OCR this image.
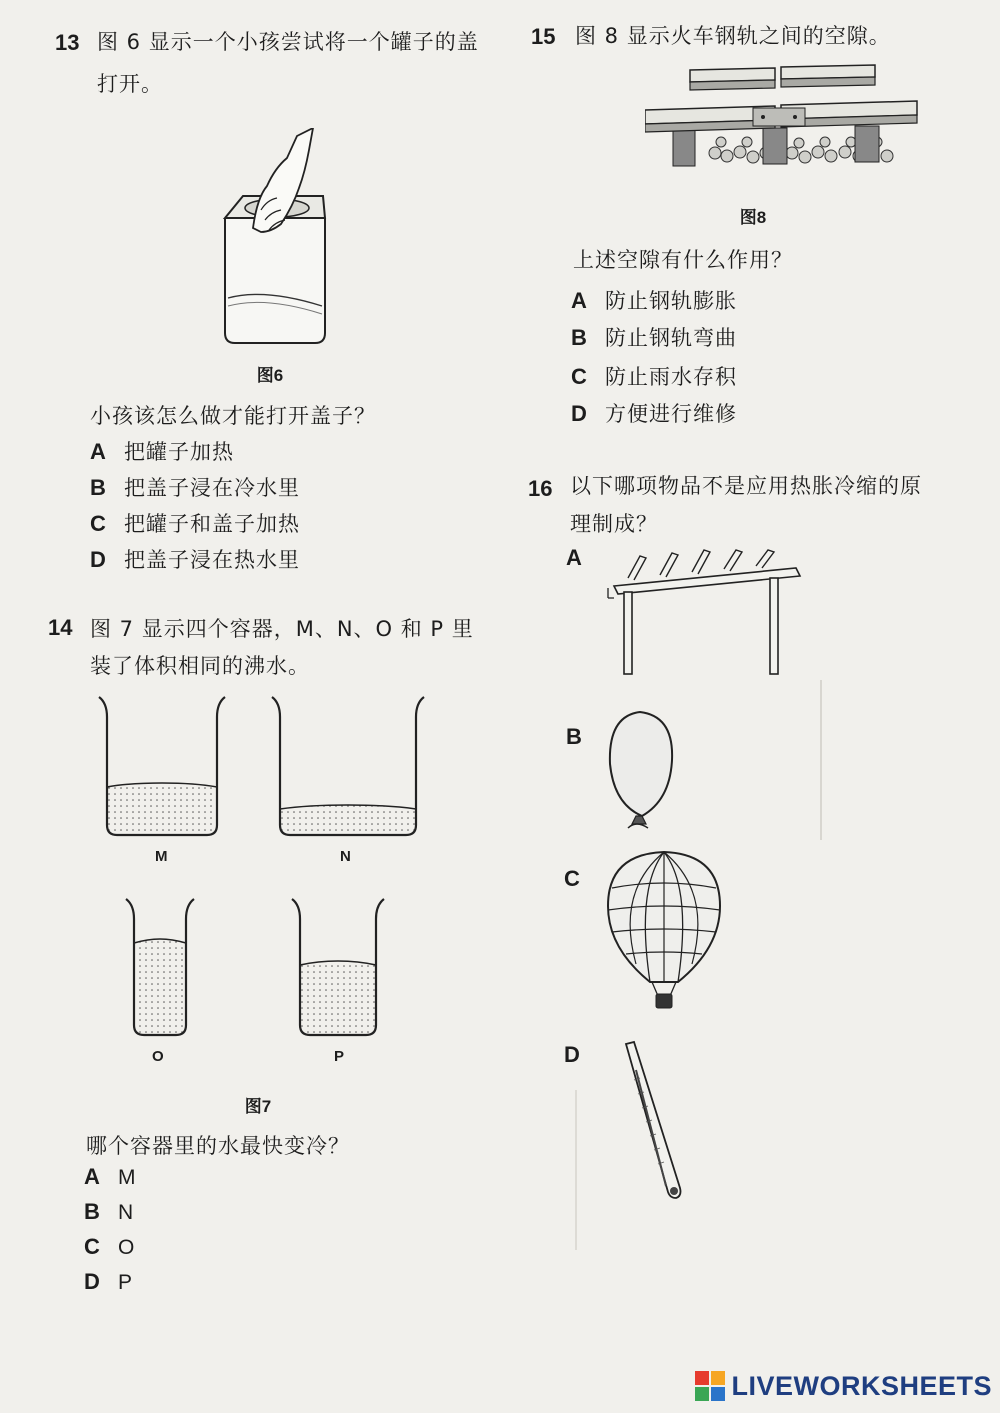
13 图 6 显示一个小孩尝试将一个罐子的盖
打开。
图6
小孩该怎么做才能打开盖子？
A 把罐子加热
B 把盖子浸在冷水里
C 把罐子和盖子加热
D 把盖子浸在热水里
14 图 7 显示四个容器，M、N、O 和 P 里
装了体积相同的沸水。
M	N
O	P
图7
哪个容器里的水最快变冷？
A M
B N
C O
D P
15 图 8 显示火车钢轨之间的空隙。
图8
上述空隙有什么作用？
A 防止钢轨膨胀
B 防止钢轨弯曲
C 防止雨水存积
D 方便进行维修
16 以下哪项物品不是应用热胀冷缩的原
理制成？
A
B
C
D
LIVEWORKSHEETS
